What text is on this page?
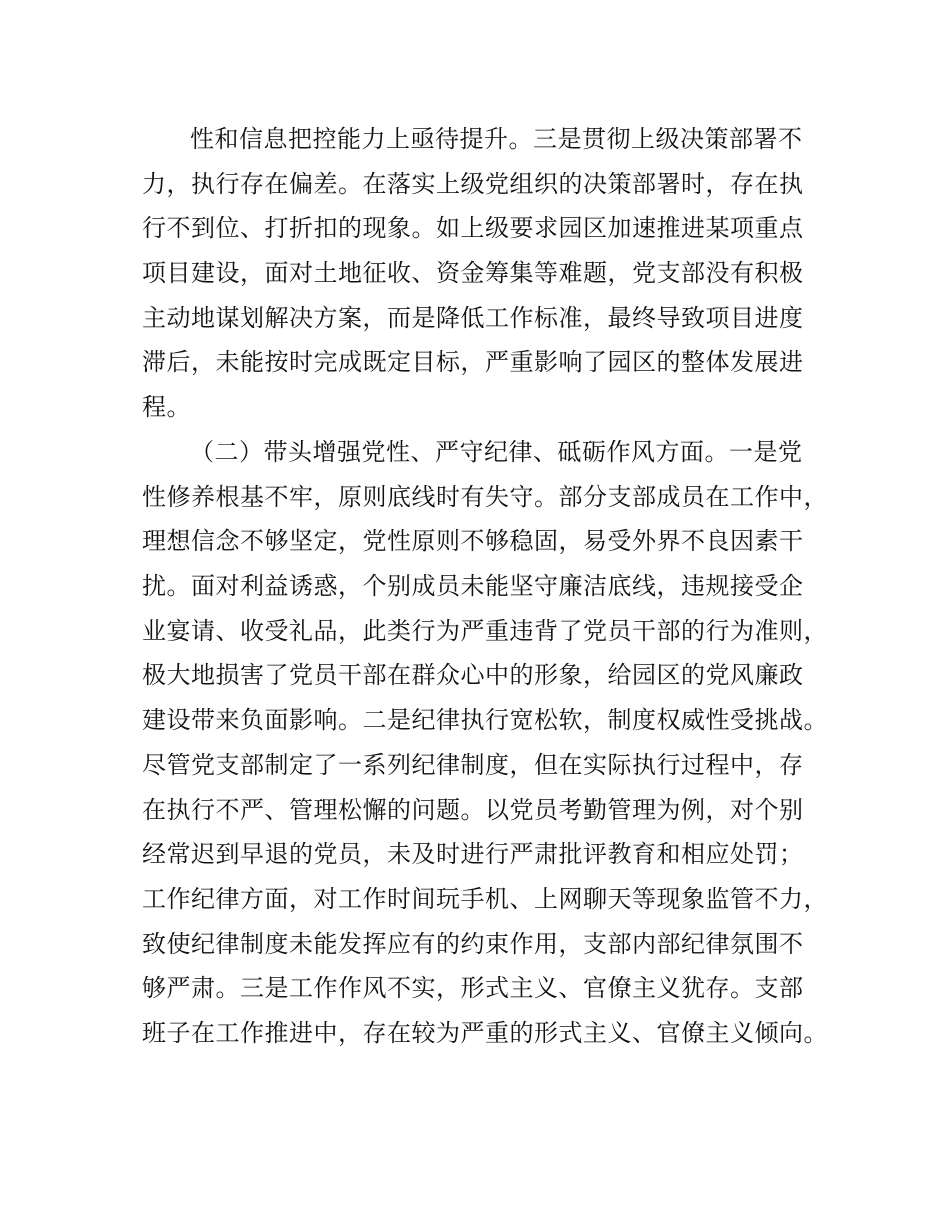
性和信息把控能力上亟待提升。三是贯彻上级决策部署不
力，执行存在偏差。在落实上级党组织的决策部署时，存在执
行不到位、打折扣的现象。如上级要求园区加速推进某项重点
项目建设，面对土地征收、资金筹集等难题，党支部没有积极
主动地谋划解决方案，而是降低工作标准，最终导致项目进度
滞后，未能按时完成既定目标，严重影响了园区的整体发展进
程。
（二）带头增强党性、严守纪律、砥砺作风方面。一是党
性修养根基不牢，原则底线时有失守。部分支部成员在工作中，
理想信念不够坚定，党性原则不够稳固，易受外界不良因素干
扰。面对利益诱惑，个别成员未能坚守廉洁底线，违规接受企
业宴请、收受礼品，此类行为严重违背了党员干部的行为准则，
极大地损害了党员干部在群众心中的形象，给园区的党风廉政
建设带来负面影响。二是纪律执行宽松软，制度权威性受挑战。
尽管党支部制定了一系列纪律制度，但在实际执行过程中，存
在执行不严、管理松懈的问题。以党员考勤管理为例，对个别
经常迟到早退的党员，未及时进行严肃批评教育和相应处罚；
工作纪律方面，对工作时间玩手机、上网聊天等现象监管不力，
致使纪律制度未能发挥应有的约束作用，支部内部纪律氛围不
够严肃。三是工作作风不实，形式主义、官僚主义犹存。支部
班子在工作推进中，存在较为严重的形式主义、官僚主义倾向。
